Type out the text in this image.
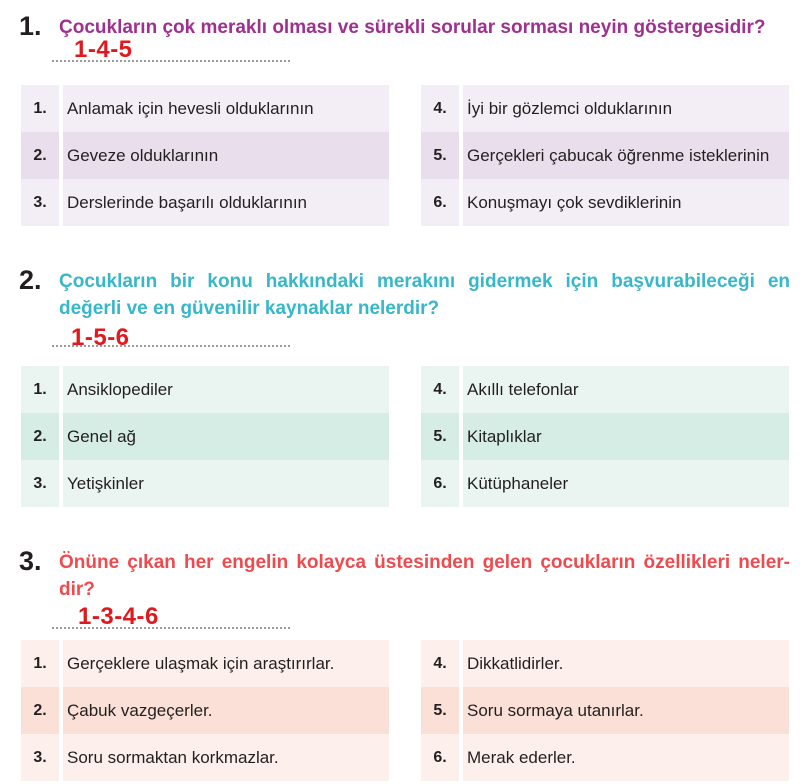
1. Çocukların çok meraklı olması ve sürekli sorular sorması neyin göstergesidir?
1-4-5
1.	Anlamak için hevesli olduklarının
2.	Geveze olduklarının
3.	Derslerinde başarılı olduklarının
4.	İyi bir gözlemci olduklarının
5.	Gerçekleri çabucak öğrenme isteklerinin
6.	Konuşmayı çok sevdiklerinin
2. Çocukların bir konu hakkındaki merakını gidermek için başvurabileceği en
değerli ve en güvenilir kaynaklar nelerdir?
1-5-6
1.	Ansiklopediler
2.	Genel ağ
3.	Yetişkinler
4.	Akıllı telefonlar
5.	Kitaplıklar
6.	Kütüphaneler
3. Önüne çıkan her engelin kolayca üstesinden gelen çocukların özellikleri neler-
dir?
1-3-4-6
1.	Gerçeklere ulaşmak için araştırırlar.
2.	Çabuk vazgeçerler.
3.	Soru sormaktan korkmazlar.
4.	Dikkatlidirler.
5.	Soru sormaya utanırlar.
6.	Merak ederler.
